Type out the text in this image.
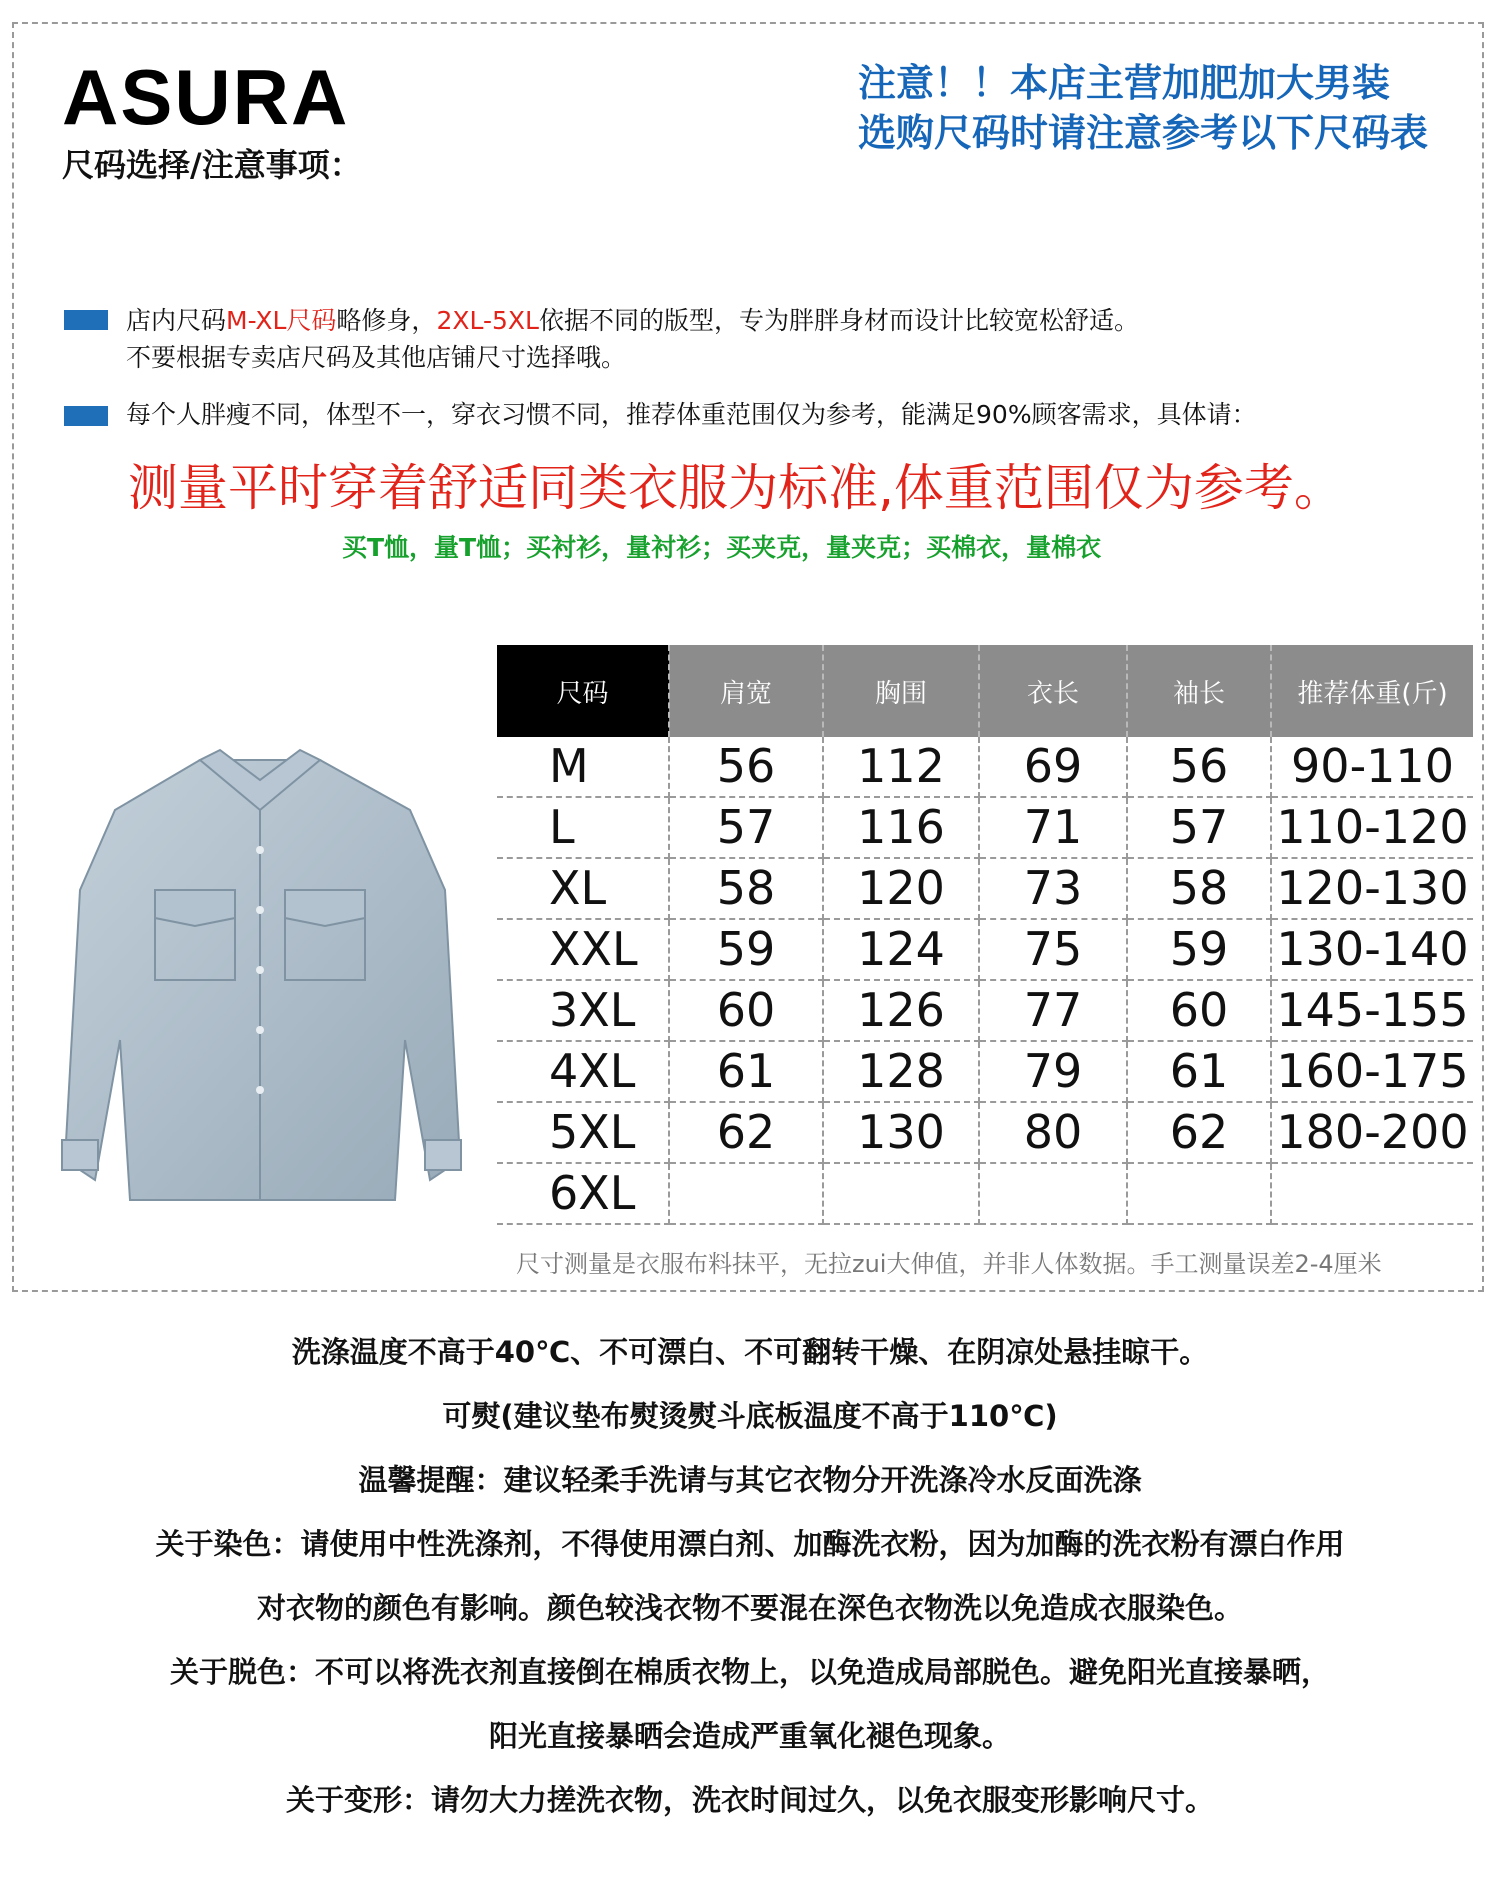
ASURA
尺码选择/注意事项：
注意！！本店主营加肥加大男装
选购尺码时请注意参考以下尺码表
店内尺码M-XL尺码略修身，2XL-5XL依据不同的版型，专为胖胖身材而设计比较宽松舒适。
不要根据专卖店尺码及其他店铺尺寸选择哦。
每个人胖瘦不同，体型不一，穿衣习惯不同，推荐体重范围仅为参考，能满足90%顾客需求，具体请：
测量平时穿着舒适同类衣服为标准,体重范围仅为参考。
买T恤，量T恤；买衬衫，量衬衫；买夹克，量夹克；买棉衣，量棉衣
尺码	肩宽	胸围	衣长	袖长	推荐体重(斤)
M	56	112	69	56	90-110
L	57	116	71	57	110-120
XL	58	120	73	58	120-130
XXL	59	124	75	59	130-140
3XL	60	126	77	60	145-155
4XL	61	128	79	61	160-175
5XL	62	130	80	62	180-200
6XL					
尺寸测量是衣服布料抹平，无拉zui大伸值，并非人体数据。手工测量误差2-4厘米
洗涤温度不高于40℃、不可漂白、不可翻转干燥、在阴凉处悬挂晾干。
可熨(建议垫布熨烫熨斗底板温度不高于110℃)
温馨提醒：建议轻柔手洗请与其它衣物分开洗涤冷水反面洗涤
关于染色：请使用中性洗涤剂，不得使用漂白剂、加酶洗衣粉，因为加酶的洗衣粉有漂白作用
对衣物的颜色有影响。颜色较浅衣物不要混在深色衣物洗以免造成衣服染色。
关于脱色：不可以将洗衣剂直接倒在棉质衣物上，以免造成局部脱色。避免阳光直接暴晒，
阳光直接暴晒会造成严重氧化褪色现象。
关于变形：请勿大力搓洗衣物，洗衣时间过久，以免衣服变形影响尺寸。
